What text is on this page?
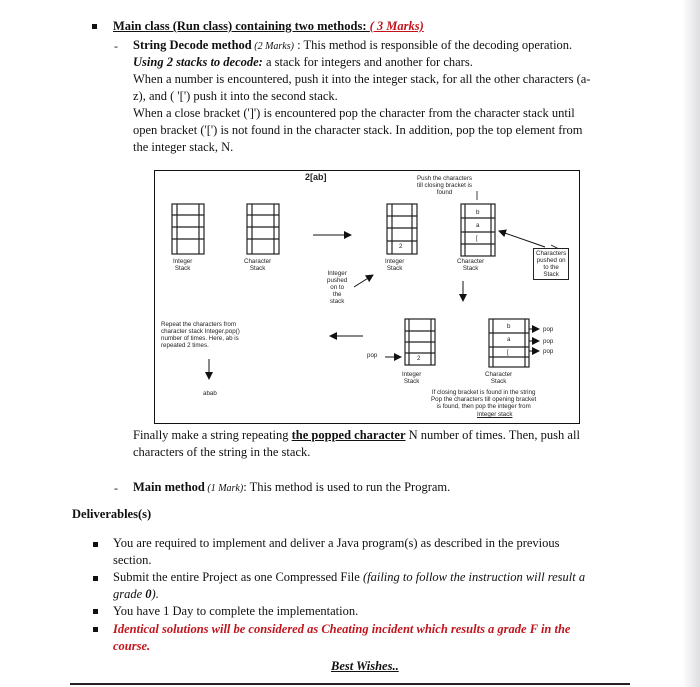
Main class (Run class) containing two methods: ( 3 Marks)
- String Decode method (2 Marks) : This method is responsible of the decoding operation.
Using 2 stacks to decode: a stack for integers and another for chars.
When a number is encountered, push it into the integer stack, for all the other characters (a-
z), and ( '[') push it into the second stack.
When a close bracket (']') is encountered pop the character from the character stack until
open bracket ('[') is not found in the character stack. In addition, pop the top element from
the integer stack, N.
2[ab]	Push the characters
till closing bracket is
found
Integer
Stack
Character
Stack
Integer
Stack
Character
Stack
Integer
pushed
on to
the
stack
Characters
pushed on
to the
Stack
2
b
a
[
Repeat the characters from
character stack Integer.pop()
number of times. Here, ab is
repeated 2 times.
abab
pop	2
b
a
[
pop
pop
pop
Integer
Stack
Character
Stack
If closing bracket is found in the string
Pop the characters till opening bracket
is found, then pop the integer from
Integer stack
Finally make a string repeating the popped character N number of times. Then, push all
characters of the string in the stack.
- Main method (1 Mark): This method is used to run the Program.
Deliverables(s)
You are required to implement and deliver a Java program(s) as described in the previous
section.
Submit the entire Project as one Compressed File (failing to follow the instruction will result a
grade 0).
You have 1 Day to complete the implementation.
Identical solutions will be considered as Cheating incident which results a grade F in the
course.
Best Wishes..
